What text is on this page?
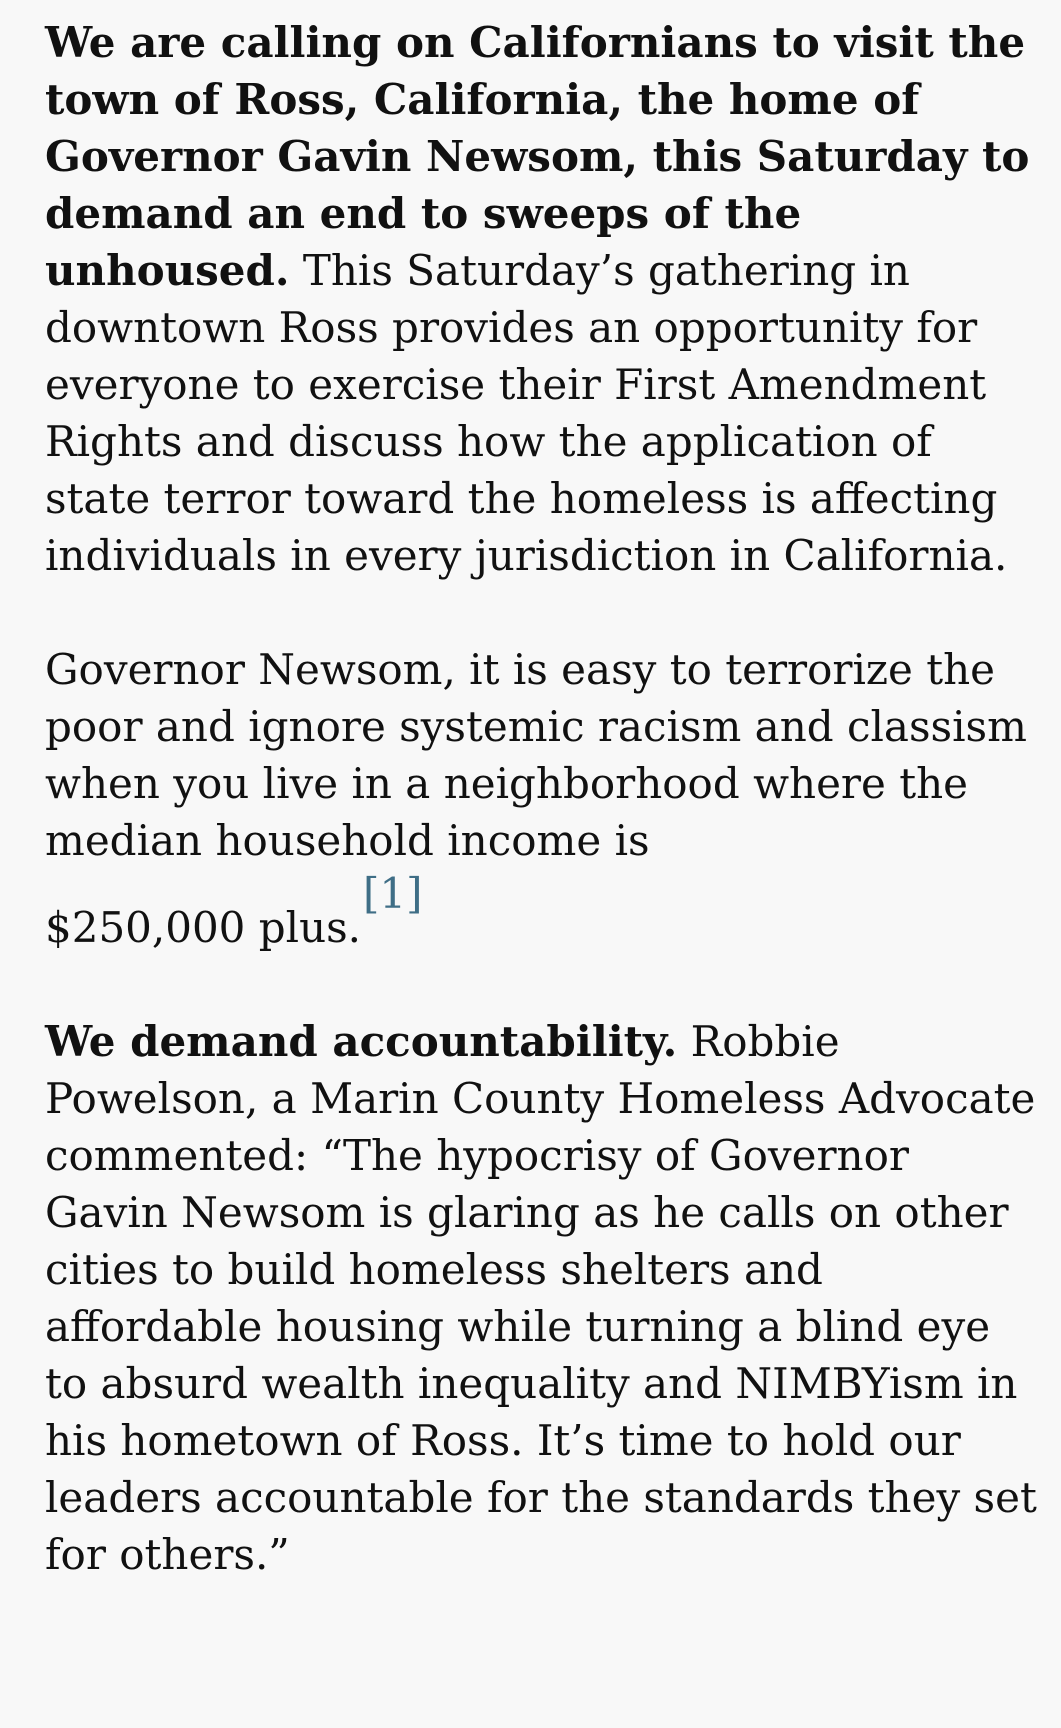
We are calling on Californians to visit the town of Ross, California, the home of Governor Gavin Newsom, this Saturday to demand an end to sweeps of the unhoused. This Saturday’s gathering in downtown Ross provides an opportunity for everyone to exercise their First Amendment Rights and discuss how the application of state terror toward the homeless is affecting individuals in every jurisdiction in California.

Governor Newsom, it is easy to terrorize the poor and ignore systemic racism and classism when you live in a neighborhood where the median household income is
$250,000 plus.[1]

We demand accountability. Robbie Powelson, a Marin County Homeless Advocate commented: “The hypocrisy of Governor Gavin Newsom is glaring as he calls on other cities to build homeless shelters and affordable housing while turning a blind eye to absurd wealth inequality and NIMBYism in his hometown of Ross. It’s time to hold our leaders accountable for the standards they set for others.”
